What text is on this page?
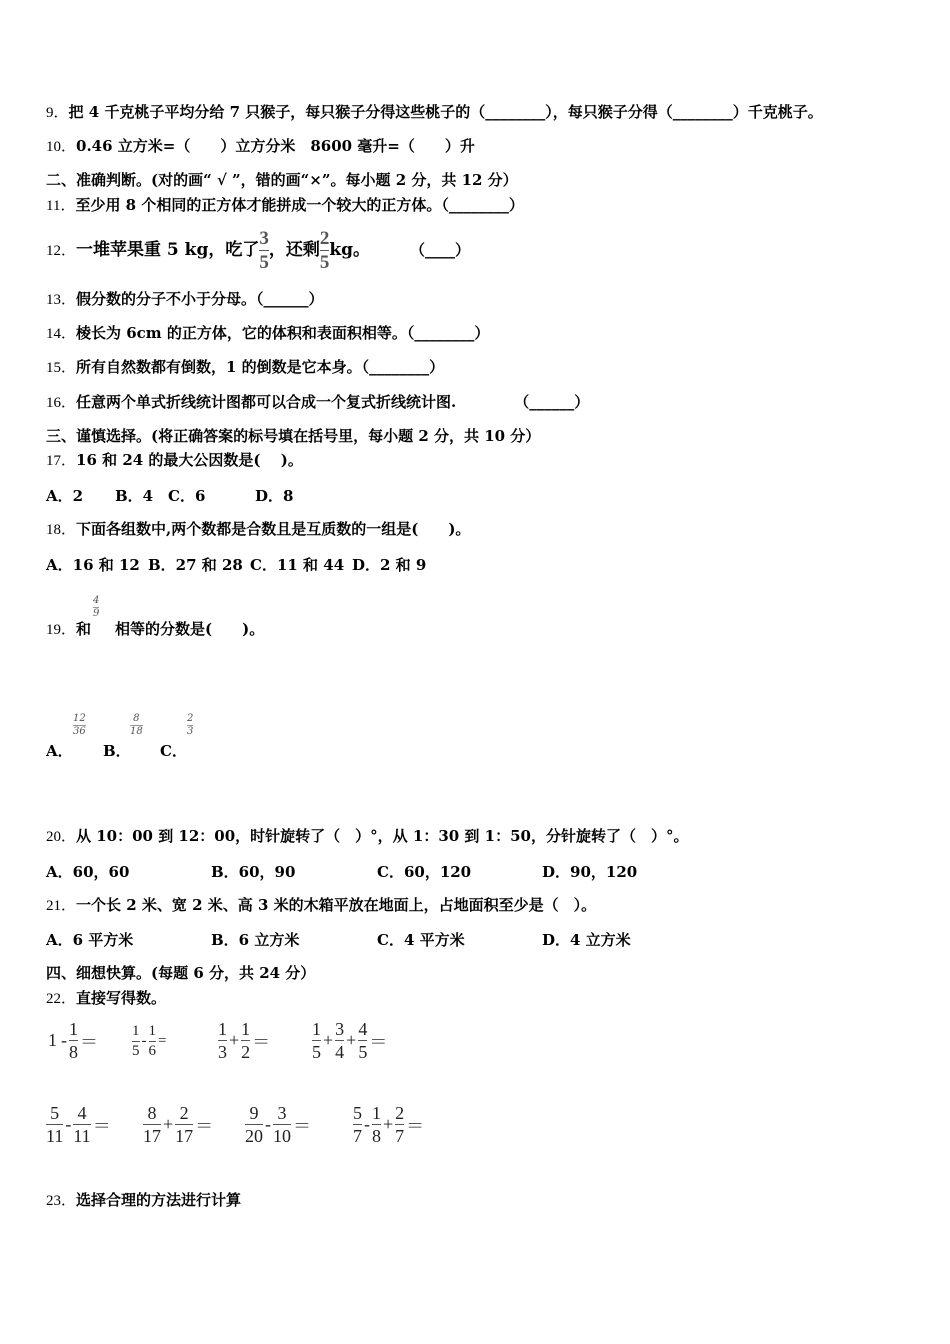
9．把 4 千克桃子平均分给 7 只猴子，每只猴子分得这些桃子的（________），每只猴子分得（________）千克桃子。
10．0.46 立方米=（　　）立方分米　8600 毫升=（　　）升
二、准确判断。(对的画“ √ ”，错的画“×”。每小题 2 分，共 12 分）
11．至少用 8 个相同的正方体才能拼成一个较大的正方体。（________）
12．一堆苹果重 5 kg，吃了 $\frac{3}{5}$ ，还剩 $\frac{2}{5}$ kg。	（____）
13．假分数的分子不小于分母。（______）
14．棱长为 6cm 的正方体，它的体积和表面积相等。（________）
15．所有自然数都有倒数，1 的倒数是它本身。（________）
16．任意两个单式折线统计图都可以合成一个复式折线统计图.	（______）
三、谨慎选择。(将正确答案的标号填在括号里，每小题 2 分，共 10 分）
17．16 和 24 的最大公因数是(　 )。
A．2 B．4 C．6	D．8
18．下面各组数中,两个数都是合数且是互质数的一组是(　　)。
A．16 和 12 B．27 和 28 C．11 和 44 D．2 和 9
19．和 相等的分数是(　　)。
4
9
A．
12
36
B．
8
18
C．
2
3
20．从 10：00 到 12：00，时针旋转了（　）°，从 1：30 到 1：50，分针旋转了（　）°。
A．60，60	B．60，90	C．60，120	D．90，120
21．一个长 2 米、宽 2 米、高 3 米的木箱平放在地面上，占地面积至少是（　）。
A．6 平方米	B．6 立方米	C．4 平方米	D．4 立方米
四、细想快算。(每题 6 分，共 24 分）
22．直接写得数。
$1 - \frac{1}{8} = \frac{1}{5} - \frac{1}{6}$ =	$\frac{1}{3} + \frac{1}{2} = \frac{1}{5} + \frac{3}{4} + \frac{4}{5}$ ＝
$\frac{5}{11} - \frac{4}{11} = \frac{8}{17} + \frac{2}{17} = \frac{9}{20} - \frac{3}{10} = \frac{5}{7} - \frac{1}{8} + \frac{2}{7}$ ＝
23．选择合理的方法进行计算
